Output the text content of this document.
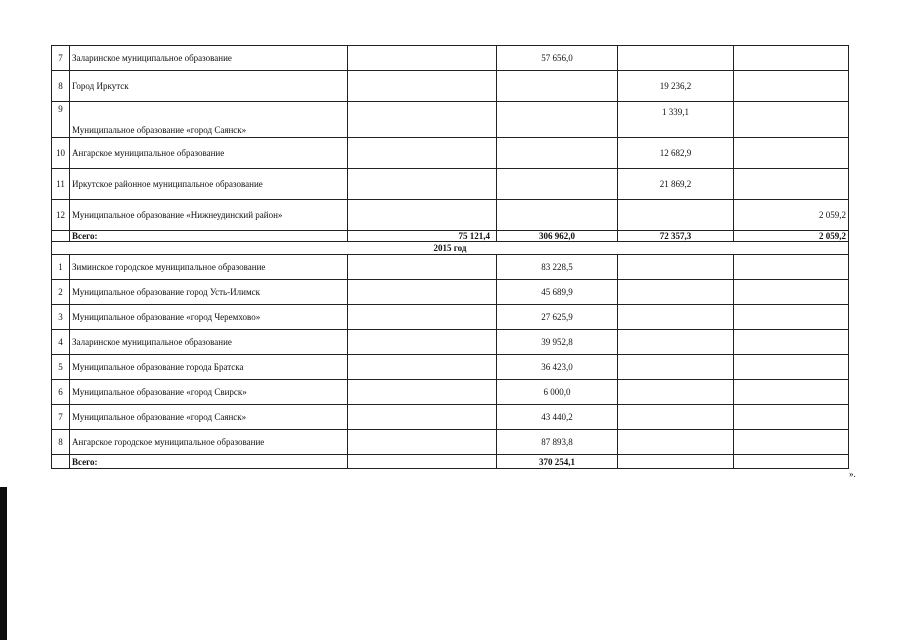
7	Заларинское муниципальное образование		57 656,0		
8	Город Иркутск			19 236,2	
9	Муниципальное образование «город Саянск»			1 339,1	
10	Ангарское муниципальное образование			12 682,9	
11	Иркутское районное муниципальное образование			21 869,2	
12	Муниципальное образование «Нижнеудинский район»				2 059,2
	Всего:	75 121,4	306 962,0	72 357,3	2 059,2
2015 год					
1	Зиминское городское муниципальное образование		83 228,5		
2	Муниципальное образование город Усть-Илимск		45 689,9		
3	Муниципальное образование «город Черемхово»		27 625,9		
4	Заларинское муниципальное образование		39 952,8		
5	Муниципальное образование города Братска		36 423,0		
6	Муниципальное образование «город Свирск»		6 000,0		
7	Муниципальное образование «город Саянск»		43 440,2		
8	Ангарское городское муниципальное образование		87 893,8		
	Всего:		370 254,1		
».
